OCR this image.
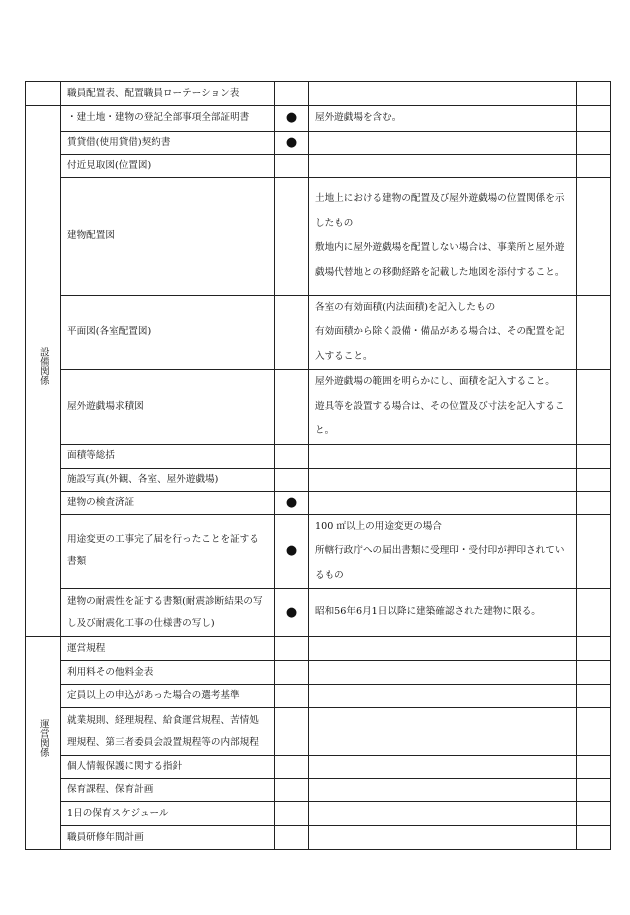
	職員配置表、配置職員ローテーション表			
設備関係	・建土地・建物の登記全部事項全部証明書	●	屋外遊戯場を含む。	
	賃貸借(使用貸借)契約書	●		
	付近見取図(位置図)			
	建物配置図		土地上における建物の配置及び屋外遊戯場の位置関係を示したもの
敷地内に屋外遊戯場を配置しない場合は、事業所と屋外遊戯場代替地との移動経路を記載した地図を添付すること。	
	平面図(各室配置図)		各室の有効面積(内法面積)を記入したもの
有効面積から除く設備・備品がある場合は、その配置を記入すること。	
	屋外遊戯場求積図		屋外遊戯場の範囲を明らかにし、面積を記入すること。
遊具等を設置する場合は、その位置及び寸法を記入すること。	
	面積等総括			
	施設写真(外観、各室、屋外遊戯場)			
	建物の検査済証	●		
	用途変更の工事完了届を行ったことを証する書類	●	100 ㎡以上の用途変更の場合
所轄行政庁への届出書類に受理印・受付印が押印されているもの	
	建物の耐震性を証する書類(耐震診断結果の写し及び耐震化工事の仕様書の写し)	●	昭和56年6月1日以降に建築確認された建物に限る。	
運営関係	運営規程			
	利用料その他料金表			
	定員以上の申込があった場合の選考基準			
	就業規則、経理規程、給食運営規程、苦情処理規程、第三者委員会設置規程等の内部規程			
	個人情報保護に関する指針			
	保育課程、保育計画			
	1日の保育スケジュール			
	職員研修年間計画			
